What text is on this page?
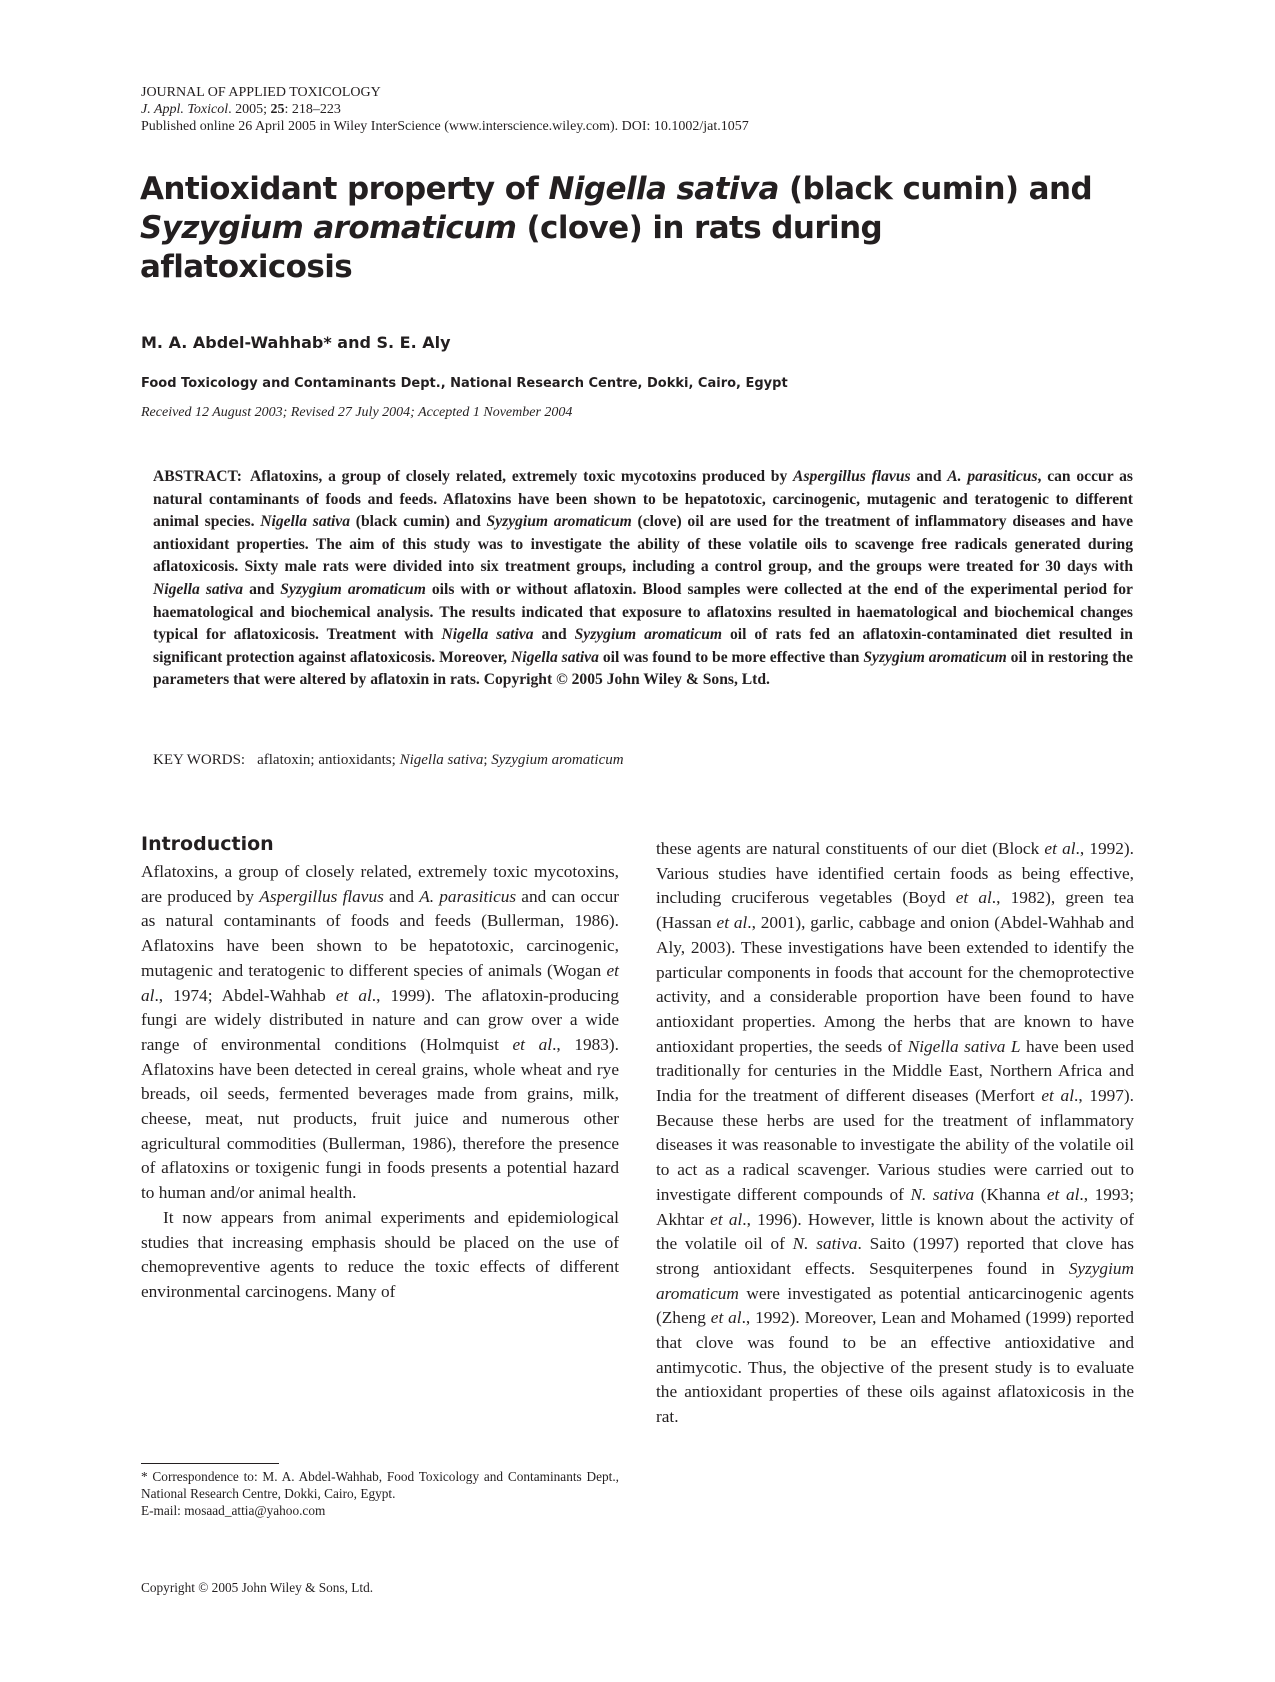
JOURNAL OF APPLIED TOXICOLOGY
J. Appl. Toxicol. 2005; 25: 218–223
Published online 26 April 2005 in Wiley InterScience (www.interscience.wiley.com). DOI: 10.1002/jat.1057
Antioxidant property of Nigella sativa (black cumin) and Syzygium aromaticum (clove) in rats during aflatoxicosis
M. A. Abdel-Wahhab* and S. E. Aly
Food Toxicology and Contaminants Dept., National Research Centre, Dokki, Cairo, Egypt
Received 12 August 2003; Revised 27 July 2004; Accepted 1 November 2004
ABSTRACT: Aflatoxins, a group of closely related, extremely toxic mycotoxins produced by Aspergillus flavus and A. parasiticus, can occur as natural contaminants of foods and feeds. Aflatoxins have been shown to be hepatotoxic, carcinogenic, mutagenic and teratogenic to different animal species. Nigella sativa (black cumin) and Syzygium aromaticum (clove) oil are used for the treatment of inflammatory diseases and have antioxidant properties. The aim of this study was to investigate the ability of these volatile oils to scavenge free radicals generated during aflatoxicosis. Sixty male rats were divided into six treatment groups, including a control group, and the groups were treated for 30 days with Nigella sativa and Syzygium aromaticum oils with or without aflatoxin. Blood samples were collected at the end of the experimental period for haematological and biochemical analysis. The results indicated that exposure to aflatoxins resulted in haematological and biochemical changes typical for aflatoxicosis. Treatment with Nigella sativa and Syzygium aromaticum oil of rats fed an aflatoxin-contaminated diet resulted in significant protection against aflatoxicosis. Moreover, Nigella sativa oil was found to be more effective than Syzygium aromaticum oil in restoring the parameters that were altered by aflatoxin in rats. Copyright © 2005 John Wiley & Sons, Ltd.
KEY WORDS: aflatoxin; antioxidants; Nigella sativa; Syzygium aromaticum
Introduction

Aflatoxins, a group of closely related, extremely toxic mycotoxins, are produced by Aspergillus flavus and A. parasiticus and can occur as natural contaminants of foods and feeds (Bullerman, 1986). Aflatoxins have been shown to be hepatotoxic, carcinogenic, mutagenic and teratogenic to different species of animals (Wogan et al., 1974; Abdel-Wahhab et al., 1999). The aflatoxin-producing fungi are widely distributed in nature and can grow over a wide range of environmental conditions (Holmquist et al., 1983). Aflatoxins have been detected in cereal grains, whole wheat and rye breads, oil seeds, fermented beverages made from grains, milk, cheese, meat, nut products, fruit juice and numerous other agricultural commodities (Bullerman, 1986), therefore the presence of aflatoxins or toxigenic fungi in foods presents a potential hazard to human and/or animal health.

It now appears from animal experiments and epidemiological studies that increasing emphasis should be placed on the use of chemopreventive agents to reduce the toxic effects of different environmental carcinogens. Many of

these agents are natural constituents of our diet (Block et al., 1992). Various studies have identified certain foods as being effective, including cruciferous vegetables (Boyd et al., 1982), green tea (Hassan et al., 2001), garlic, cabbage and onion (Abdel-Wahhab and Aly, 2003). These investigations have been extended to identify the particular components in foods that account for the chemoprotective activity, and a considerable proportion have been found to have antioxidant properties. Among the herbs that are known to have antioxidant properties, the seeds of Nigella sativa L have been used traditionally for centuries in the Middle East, Northern Africa and India for the treatment of different diseases (Merfort et al., 1997). Because these herbs are used for the treatment of inflammatory diseases it was reasonable to investigate the ability of the volatile oil to act as a radical scavenger. Various studies were carried out to investigate different compounds of N. sativa (Khanna et al., 1993; Akhtar et al., 1996). However, little is known about the activity of the volatile oil of N. sativa. Saito (1997) reported that clove has strong antioxidant effects. Sesquiterpenes found in Syzygium aromaticum were investigated as potential anticarcinogenic agents (Zheng et al., 1992). Moreover, Lean and Mohamed (1999) reported that clove was found to be an effective antioxidative and antimycotic. Thus, the objective of the present study is to evaluate the antioxidant properties of these oils against aflatoxicosis in the rat.

* Correspondence to: M. A. Abdel-Wahhab, Food Toxicology and Contaminants Dept., National Research Centre, Dokki, Cairo, Egypt.
E-mail: mosaad_attia@yahoo.com
Copyright © 2005 John Wiley & Sons, Ltd.
